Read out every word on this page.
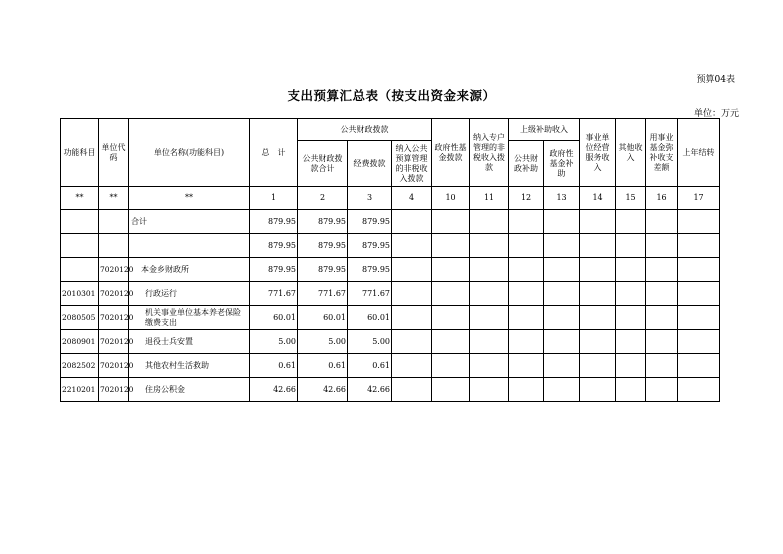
预算04表
支出预算汇总表（按支出资金来源）
单位：万元
功能科目	单位代码	单位名称(功能科目)	总　计	公共财政拨款			政府性基金拨款	纳入专户管理的非税收入拨款	上级补助收入		事业单位经营服务收入	其他收入	用事业基金弥补收支差额	上年结转
				公共财政拨款合计	经费拨款	纳入公共预算管理的非税收入拨款			公共财政补助	政府性基金补助				
**	**	**	1	2	3	4	10	11	12	13	14	15	16	17
		合计	879.95	879.95	879.95									
			879.95	879.95	879.95									
	7020120	本金乡财政所	879.95	879.95	879.95									
2010301	7020120	行政运行	771.67	771.67	771.67									
2080505	7020120	机关事业单位基本养老保险缴费支出	60.01	60.01	60.01									
2080901	7020120	退役士兵安置	5.00	5.00	5.00									
2082502	7020120	其他农村生活救助	0.61	0.61	0.61									
2210201	7020120	住房公积金	42.66	42.66	42.66									
